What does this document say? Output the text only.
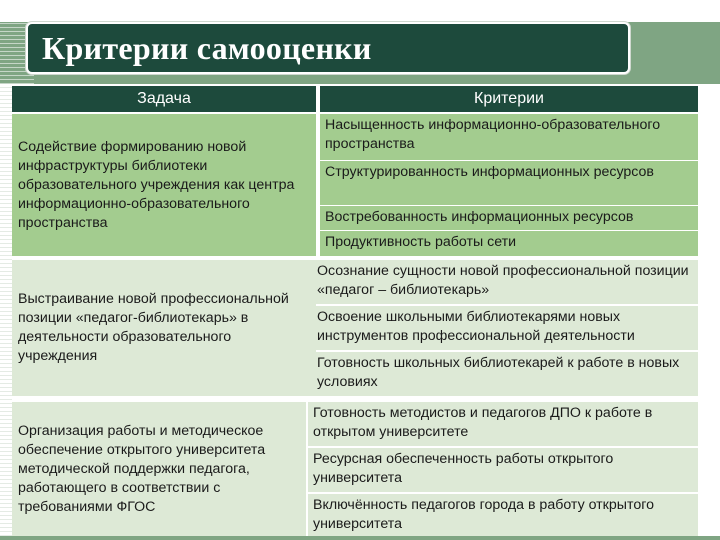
Критерии самооценки
Задача	Критерии
Содействие формированию новой инфраструктуры библиотеки образовательного учреждения как центра информационно-образовательного пространства
Насыщенность информационно-образовательного пространства
Структурированность информационных ресурсов
Востребованность информационных ресурсов
Продуктивность работы сети
Выстраивание новой профессиональной позиции «педагог-библиотекарь» в деятельности образовательного учреждения
Осознание сущности новой профессиональной позиции «педагог – библиотекарь»
Освоение школьными библиотекарями новых инструментов профессиональной деятельности
Готовность школьных библиотекарей к работе в новых условиях
Организация работы и методическое обеспечение открытого университета методической поддержки педагога, работающего в соответствии с требованиями ФГОС
Готовность методистов и педагогов ДПО к работе в открытом университете
Ресурсная обеспеченность работы открытого университета
Включённость педагогов города в работу открытого университета
